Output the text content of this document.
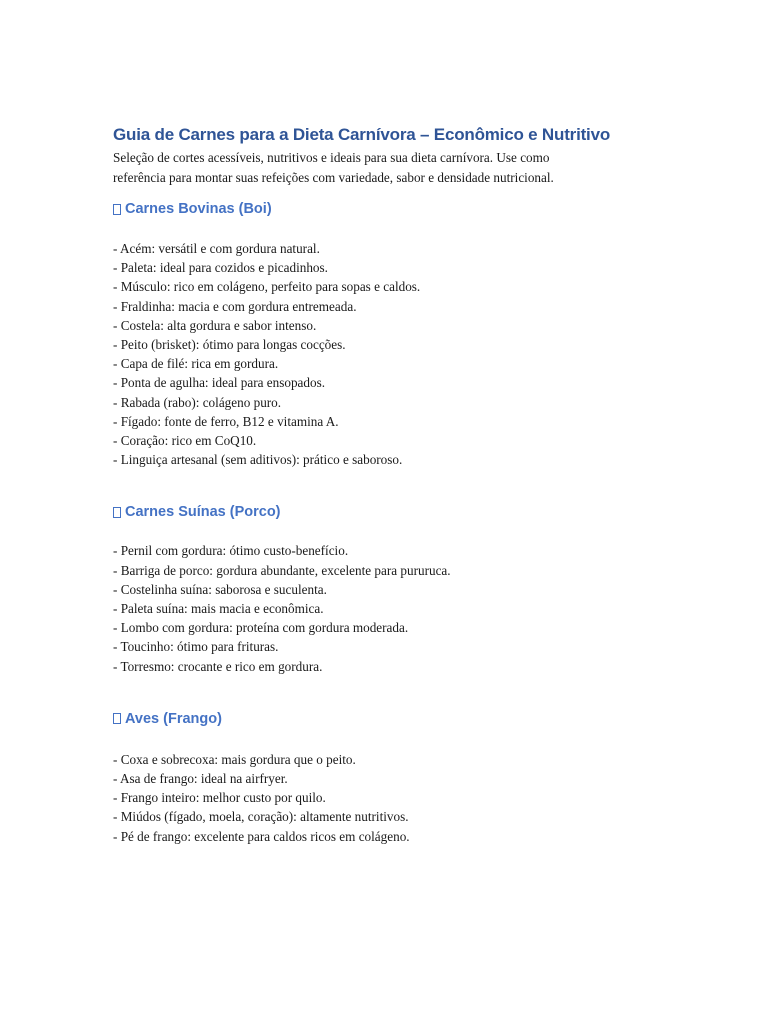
Guia de Carnes para a Dieta Carnívora – Econômico e Nutritivo

Seleção de cortes acessíveis, nutritivos e ideais para sua dieta carnívora. Use como
referência para montar suas refeições com variedade, sabor e densidade nutricional.

Carnes Bovinas (Boi)
- Acém: versátil e com gordura natural.
- Paleta: ideal para cozidos e picadinhos.
- Músculo: rico em colágeno, perfeito para sopas e caldos.
- Fraldinha: macia e com gordura entremeada.
- Costela: alta gordura e sabor intenso.
- Peito (brisket): ótimo para longas cocções.
- Capa de filé: rica em gordura.
- Ponta de agulha: ideal para ensopados.
- Rabada (rabo): colágeno puro.
- Fígado: fonte de ferro, B12 e vitamina A.
- Coração: rico em CoQ10.
- Linguiça artesanal (sem aditivos): prático e saboroso.
Carnes Suínas (Porco)
- Pernil com gordura: ótimo custo-benefício.
- Barriga de porco: gordura abundante, excelente para pururuca.
- Costelinha suína: saborosa e suculenta.
- Paleta suína: mais macia e econômica.
- Lombo com gordura: proteína com gordura moderada.
- Toucinho: ótimo para frituras.
- Torresmo: crocante e rico em gordura.
Aves (Frango)
- Coxa e sobrecoxa: mais gordura que o peito.
- Asa de frango: ideal na airfryer.
- Frango inteiro: melhor custo por quilo.
- Miúdos (fígado, moela, coração): altamente nutritivos.
- Pé de frango: excelente para caldos ricos em colágeno.
